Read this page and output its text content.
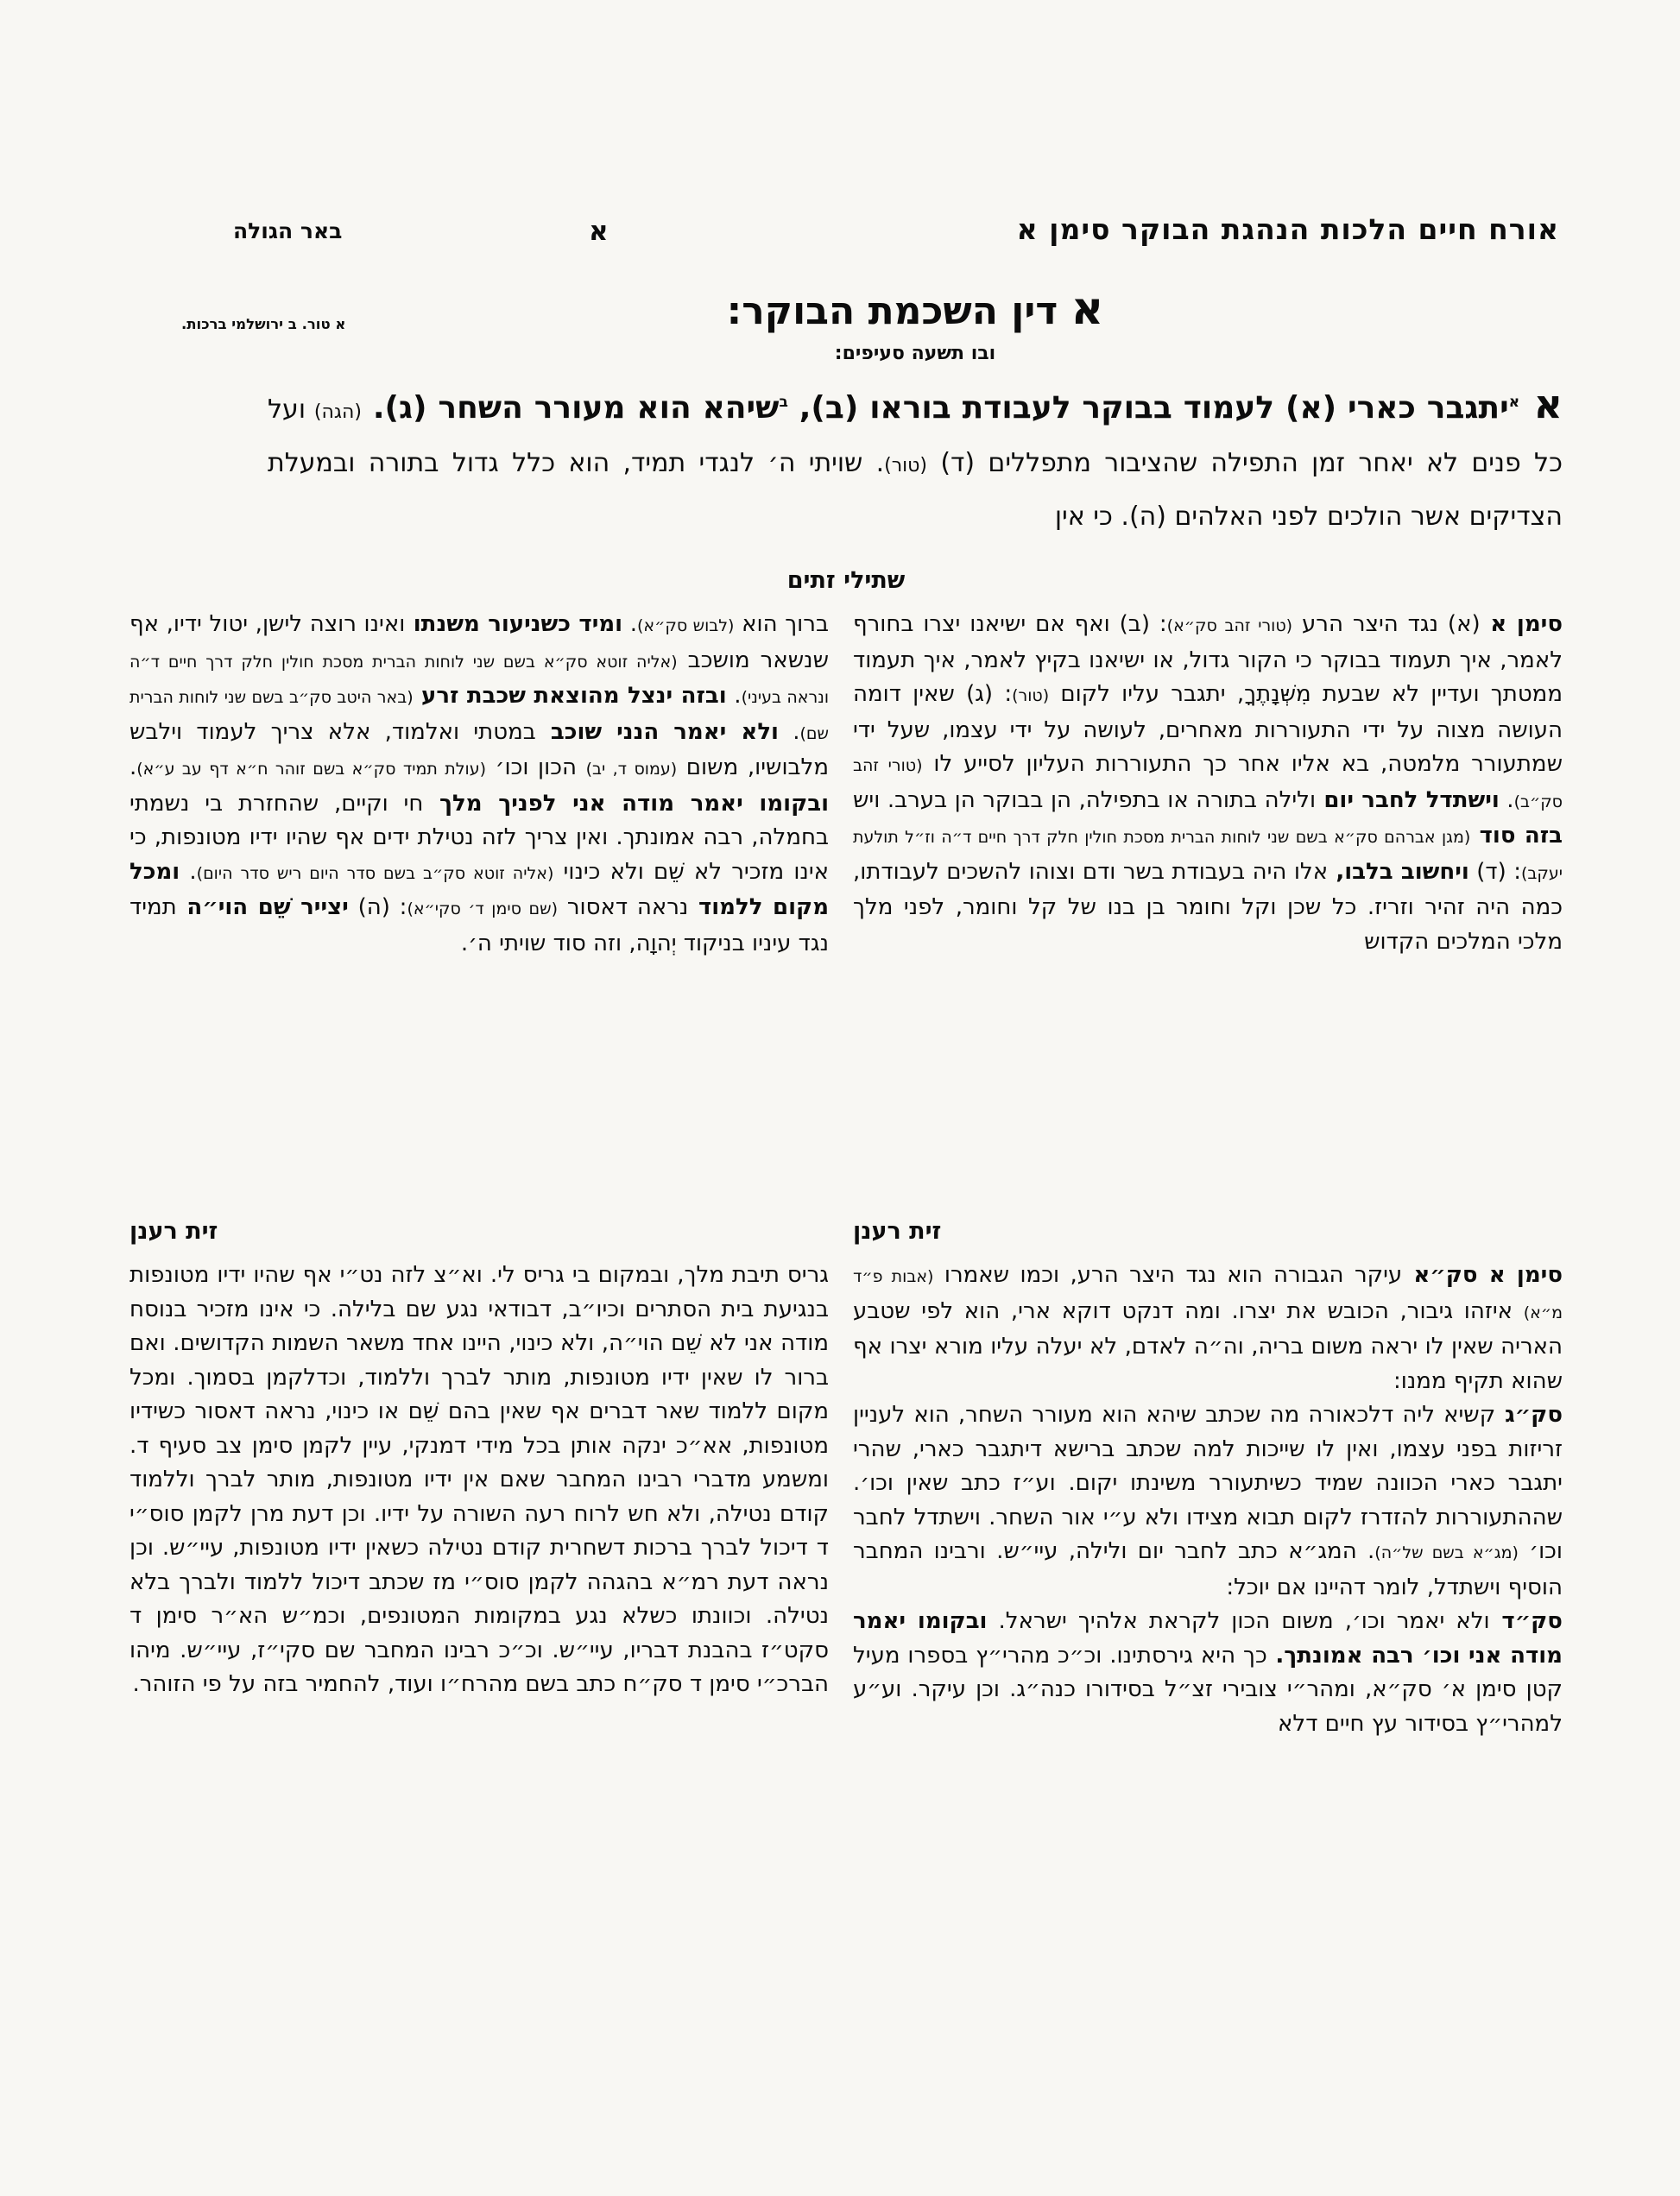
אורח חיים הלכות הנהגת הבוקר סימן א
א
באר הגולה
א טור. ב ירושלמי ברכות.	א דין השכמת הבוקר:
ובו תשעה סעיפים:
א $^א$יתגבר כארי (א) לעמוד בבוקר לעבודת בוראו (ב), $^ב$שיהא הוא מעורר השחר (ג). (הגה) ועל כל פנים לא יאחר זמן התפילה שהציבור מתפללים (ד) (טור). שויתי ה׳ לנגדי תמיד, הוא כלל גדול בתורה ובמעלת הצדיקים אשר הולכים לפני האלהים (ה). כי אין
שתילי זתים

סימן א (א) נגד היצר הרע (טורי זהב סק״א): (ב) ואף אם ישיאנו יצרו בחורף לאמר, איך תעמוד בבוקר כי הקור גדול, או ישיאנו בקיץ לאמר, איך תעמוד ממטתך ועדיין לא שבעת מִשְּׁנָתֶךָ, יתגבר עליו לקום (טור): (ג) שאין דומה העושה מצוה על ידי התעוררות מאחרים, לעושה על ידי עצמו, שעל ידי שמתעורר מלמטה, בא אליו אחר כך התעוררות העליון לסייע לו (טורי זהב סק״ב). וישתדל לחבר יום ולילה בתורה או בתפילה, הן בבוקר הן בערב. ויש בזה סוד (מגן אברהם סק״א בשם שני לוחות הברית מסכת חולין חלק דרך חיים ד״ה וז״ל תולעת יעקב): (ד) ויחשוב בלבו, אלו היה בעבודת בשר ודם וצוהו להשכים לעבודתו, כמה היה זהיר וזריז. כל שכן וקל וחומר בן בנו של קל וחומר, לפני מלך מלכי המלכים הקדוש

ברוך הוא (לבוש סק״א). ומיד כשניעור משנתו ואינו רוצה לישן, יטול ידיו, אף שנשאר מושכב (אליה זוטא סק״א בשם שני לוחות הברית מסכת חולין חלק דרך חיים ד״ה ונראה בעיני). ובזה ינצל מהוצאת שכבת זרע (באר היטב סק״ב בשם שני לוחות הברית שם). ולא יאמר הנני שוכב במטתי ואלמוד, אלא צריך לעמוד וילבש מלבושיו, משום (עמוס ד, יב) הכון וכו׳ (עולת תמיד סק״א בשם זוהר ח״א דף עב ע״א). ובקומו יאמר מודה אני לפניך מלך חי וקיים, שהחזרת בי נשמתי בחמלה, רבה אמונתך. ואין צריך לזה נטילת ידים אף שהיו ידיו מטונפות, כי אינו מזכיר לא שֵׁם ולא כינוי (אליה זוטא סק״ב בשם סדר היום ריש סדר היום). ומכל מקום ללמוד נראה דאסור (שם סימן ד׳ סקי״א): (ה) יצייר שֵׁם הוי״ה תמיד נגד עיניו בניקוד יְהוָה, וזה סוד שויתי ה׳.

זית רענן
זית רענן

סימן א סק״א עיקר הגבורה הוא נגד היצר הרע, וכמו שאמרו (אבות פ״ד מ״א) איזהו גיבור, הכובש את יצרו. ומה דנקט דוקא ארי, הוא לפי שטבע האריה שאין לו יראה משום בריה, וה״ה לאדם, לא יעלה עליו מורא יצרו אף שהוא תקיף ממנו:

סק״ג קשיא ליה דלכאורה מה שכתב שיהא הוא מעורר השחר, הוא לעניין זריזות בפני עצמו, ואין לו שייכות למה שכתב ברישא דיתגבר כארי, שהרי יתגבר כארי הכוונה שמיד כשיתעורר משינתו יקום. וע״ז כתב שאין וכו׳. שההתעוררות להזדרז לקום תבוא מצידו ולא ע״י אור השחר. וישתדל לחבר וכו׳ (מג״א בשם של״ה). המג״א כתב לחבר יום ולילה, עיי״ש. ורבינו המחבר הוסיף וישתדל, לומר דהיינו אם יוכל:

סק״ד ולא יאמר וכו׳, משום הכון לקראת אלהיך ישראל. ובקומו יאמר מודה אני וכו׳ רבה אמונתך. כך היא גירסתינו. וכ״כ מהרי״ץ בספרו מעיל קטן סימן א׳ סק״א, ומהר״י צובירי זצ״ל בסידורו כנה״ג. וכן עיקר. וע״ע למהרי״ץ בסידור עץ חיים דלא

גריס תיבת מלך, ובמקום בי גריס לי. וא״צ לזה נט״י אף שהיו ידיו מטונפות בנגיעת בית הסתרים וכיו״ב, דבודאי נגע שם בלילה. כי אינו מזכיר בנוסח מודה אני לא שֵׁם הוי״ה, ולא כינוי, היינו אחד משאר השמות הקדושים. ואם ברור לו שאין ידיו מטונפות, מותר לברך וללמוד, וכדלקמן בסמוך. ומכל מקום ללמוד שאר דברים אף שאין בהם שֵׁם או כינוי, נראה דאסור כשידיו מטונפות, אא״כ ינקה אותן בכל מידי דמנקי, עיין לקמן סימן צב סעיף ד. ומשמע מדברי רבינו המחבר שאם אין ידיו מטונפות, מותר לברך וללמוד קודם נטילה, ולא חש לרוח רעה השורה על ידיו. וכן דעת מרן לקמן סוס״י ד דיכול לברך ברכות דשחרית קודם נטילה כשאין ידיו מטונפות, עיי״ש. וכן נראה דעת רמ״א בהגהה לקמן סוס״י מז שכתב דיכול ללמוד ולברך בלא נטילה. וכוונתו כשלא נגע במקומות המטונפים, וכמ״ש הא״ר סימן ד סקט״ז בהבנת דבריו, עיי״ש. וכ״כ רבינו המחבר שם סקי״ז, עיי״ש. מיהו הברכ״י סימן ד סק״ח כתב בשם מהרח״ו ועוד, להחמיר בזה על פי הזוהר.
